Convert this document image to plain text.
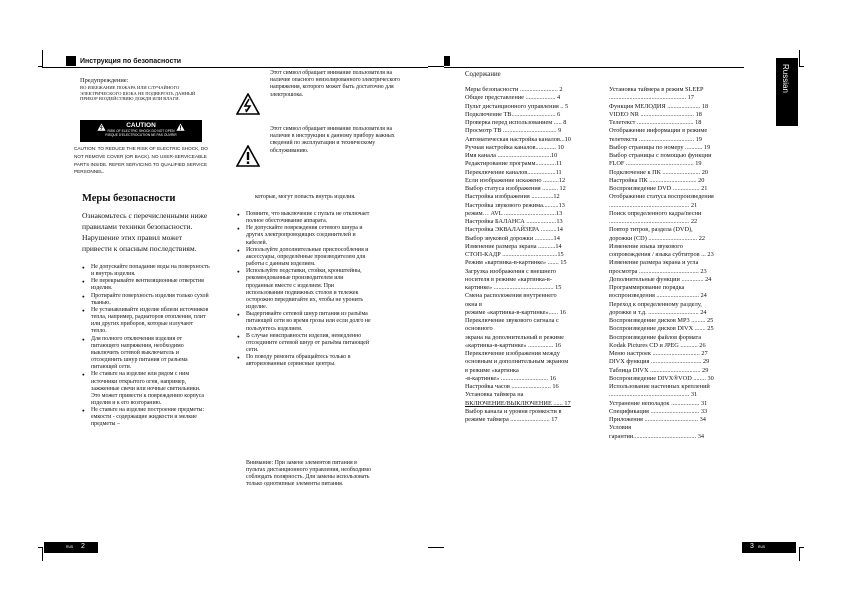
Инструкция по безопасности
Предупреждение:
ВО ИЗБЕЖАНИЕ ПОЖАРА ИЛИ СЛУЧАЙНОГО ЭЛЕКТРИЧЕСКОГО ШОКА НЕ ПОДВЕРГАТЬ ДАННЫЙ ПРИБОР ВОЗДЕЙСТВИЮ ДОЖДЯ ИЛИ ВЛАГИ.
CAUTION
RISK OF ELECTRIC SHOCK DO NOT OPEN
RISQUE D'ELECTROCUTION NE PAS OUVRIR
CAUTION: TO REDUCE THE RISK OF ELECTRIC SHOCK, DO NOT REMOVE COVER (OR BACK). NO USER-SERVICEABLE PARTS INSIDE. REFER SERVICING TO QUALIFIED SERVICE PERSONNEL.
Этот символ обращает внимание пользователя на наличие опасного неизолированного электрического напряжения, которого может быть достаточно для электрошока.
Этот символ обращает внимание пользователя на наличие в инструкции к данному прибору важных сведений по эксплуатации и техническому обслуживанию.
Меры безопасности
Ознакомьтесь с перечисленными ниже правилами техники безопасности. Нарушение этих правил может привести к опасным последствиям.
● Не допускайте попадание воды на поверхность и внутрь изделия.
● Не перекрывайте вентиляционные отверстия изделия.
● Протирайте поверхность изделия только сухой тканью.
● Не устанавливайте изделие вблизи источников тепла, например, радиаторов отопления, плит или других приборов, которые излучают тепло.
● Для полного отключения изделия от питающего напряжения, необходимо выключить сетевой выключатель и отсоединить шнур питания от разъема питающей сети.
● Не ставьте на изделие или рядом с ним источники открытого огня, например, зажженные свечи или ночные светильники. Это может привести к повреждению корпуса изделия и к его возгоранию.
● Не ставьте на изделие построение предметы: емкости - содержащие жидкости и мелкие предметы –
которые, могут попасть внутрь изделия.
● Помните, что выключение с пульта не отключает полное обесточивание аппарата.
● Не допускайте повреждения сетевого шнура и других электропроводящих соединителей и кабелей.
● Используйте дополнительные приспособления и аксессуары, определённые производителем для работы с данным изделием.
● Используйте подставки, стойки, кронштейны, рекомендованные производителем или проданные вместе с изделием. При использовании подвижных столов и тележек осторожно передвигайте их, чтобы не уронить изделие.
● Выдергивайте сетевой шнур питания из разъёма питающей сети во время грозы или если долго не пользуетесь изделием.
● В случае неисправности изделия, немедленно отсоедините сетевой шнур от разъёма питающей сети.
● По поводу ремонта обращайтесь только в авторизованные сервисные центры.
Внимание: При замене элементов питания в пультах дистанционного управления, необходимо соблюдать полярность. Для замены использовать только однотипные элементы питания.
RUS 2
Содержание	Russian
Меры безопасности ........................ 2
Общее представление ................... 4
Пульт дистанционного управления .. 5
Подключение ТВ............................ 6
Проверка перед использованием ..... 8
Просмотр ТВ .................................. 9
Автоматическая настройка каналов...10
Ручная настройка каналов............. 10
Имя канала ..................................10
Редактирование программ.............11
Переключение каналов..................11
Если изображение искажено ..........12
Выбор статуса изображения .......... 12
Настройка изображения ..............12
Настройка звукового режима..........13
режим… AVL .................................13
Настройка БАЛАНСА ...................13
Настройка ЭКВАЛАЙЗЕРА ..........14
Выбор звуковой дорожки ............14
Изменение размера экрана ...........14
СТОП-КАДР ...................................15
Режим «картинка-в-картинке» ....... 15
Загрузка изображения с внешнего
носителя в режиме «картинка-в-
картинке» ...................................... 15
Смена расположения внутреннего
окна в
режиме «картинка-в-картинке»...... 16
Переключение звукового сигнала с
основного
экрана на дополнительный в режиме
«картинка-в-картинке» ................ 16
Переключение изображения между
основным и дополнительным экраном
в режиме «картинка
-в-картинке» .............................. 16
Настройка часов ......................... 16
Установка таймера на
ВКЛЮЧЕНИЕ/ВЫКЛЮЧЕНИЕ ...... 17
Выбор канала и уровня громкости в
режиме таймера ......................... 17
Установка таймера в режим SLEEP
................................................. 17
Функция МЕЛОДИЯ ..................... 18
VIDEO NR .................................. 18
Телетекст .................................... 18
Отображение информации в режиме
телетекста ................................... 19
Выбор страницы по номеру ........... 19
Выбор страницы с помощью функции
FLOF ........................................... 19
Подключение к ПК ........................ 20
Настройка ПК .............................. 20
Воспроизведение DVD ................. 21
Отображение статуса воспроизведения
................................................... 21
Поиск определенного кадра/песни
................................................... 22
Повтор титров, раздела (DVD),
дорожки (CD) ............................... 22
Изменение языка звукового
сопровождения / языка субтитров ... 23
Изменение размера экрана и угла
просмотра ...................................... 23
Дополнительные функции .............. 24
Программирование порядка
воспроизведения ........................... 24
Переход к определенному разделу,
дорожке и т.д. ................................ 24
Воспроизведение дисков MP3 ......... 25
Воспроизведение дисков DIVX ....... 25
Воспроизведение файлов формата
Kodak Pictures CD и JPEG ........... 26
Меню настроек .............................. 27
DIVX функция ................................ 29
Таблица DIVX ................................ 29
Воспроизведение DIVX®VOD ........ 30
Использование настенных креплений
................................................... 31
Устранение неполадок .................. 31
Спецификация ............................... 33
Приложения .................................. 34
Условия
гарантии........................................ 34
3 RUS
